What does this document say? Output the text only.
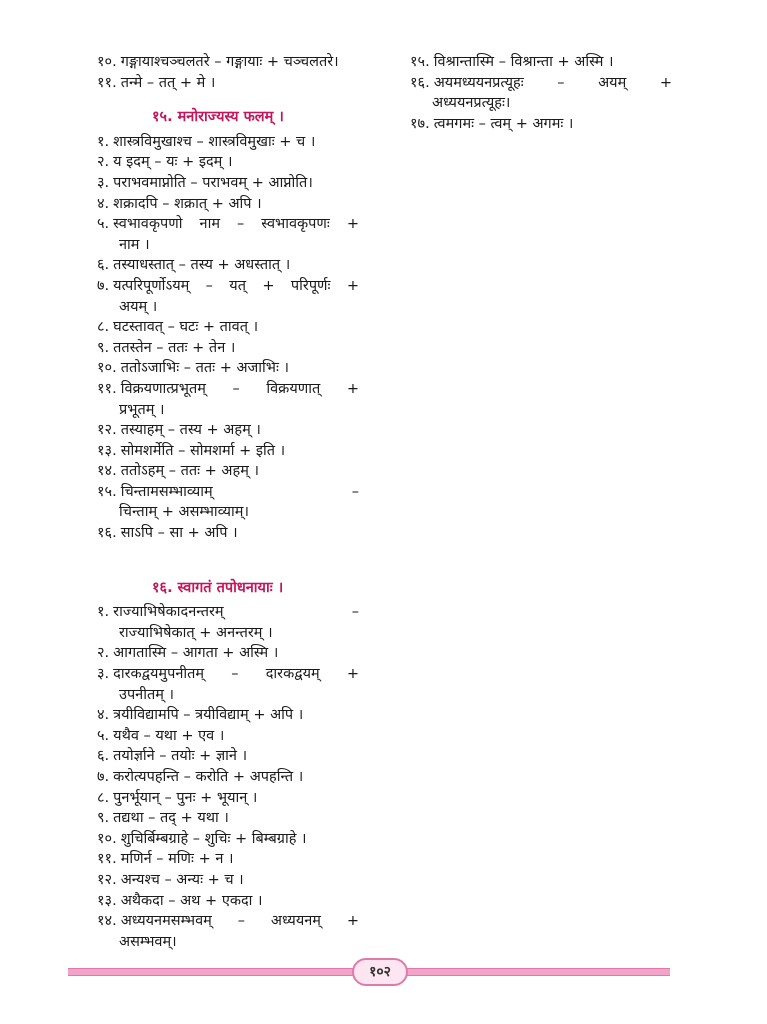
१०. गङ्गायाश्चञ्चलतरे – गङ्गायाः + चञ्चलतरे।
११. तन्मे – तत् + मे ।
१५. मनोराज्यस्य फलम् ।
१. शास्त्रविमुखाश्च – शास्त्रविमुखाः + च ।
२. य इदम् – यः + इदम् ।
३. पराभवमाप्नोति – पराभवम् + आप्नोति।
४. शक्रादपि – शक्रात् + अपि ।
५. स्वभावकृपणो नाम – स्वभावकृपणः +
नाम ।
६. तस्याधस्तात् – तस्य + अधस्तात् ।
७. यत्परिपूर्णोऽयम् – यत् + परिपूर्णः +
अयम् ।
८. घटस्तावत् – घटः + तावत् ।
९. ततस्तेन – ततः + तेन ।
१०. ततोऽजाभिः – ततः + अजाभिः ।
११. विक्रयणात्प्रभूतम् – विक्रयणात् +
प्रभूतम् ।
१२. तस्याहम् – तस्य + अहम् ।
१३. सोमशर्मेति – सोमशर्मा + इति ।
१४. ततोऽहम् – ततः + अहम् ।
१५. चिन्तामसम्भाव्याम् –
चिन्ताम् + असम्भाव्याम्।
१६. साऽपि – सा + अपि ।
१६. स्वागतं तपोधनायाः ।
१. राज्याभिषेकादनन्तरम् –
राज्याभिषेकात् + अनन्तरम् ।
२. आगतास्मि – आगता + अस्मि ।
३. दारकद्वयमुपनीतम् – दारकद्वयम् +
उपनीतम् ।
४. त्रयीविद्यामपि – त्रयीविद्याम् + अपि ।
५. यथैव – यथा + एव ।
६. तयोर्ज्ञाने – तयोः + ज्ञाने ।
७. करोत्यपहन्ति – करोति + अपहन्ति ।
८. पुनर्भूयान् – पुनः + भूयान् ।
९. तद्यथा – तद् + यथा ।
१०. शुचिर्बिम्बग्राहे – शुचिः + बिम्बग्राहे ।
११. मणिर्न – मणिः + न ।
१२. अन्यश्च – अन्यः + च ।
१३. अथैकदा – अथ + एकदा ।
१४. अध्ययनमसम्भवम् – अध्ययनम् +
असम्भवम्।
१५. विश्रान्तास्मि – विश्रान्ता + अस्मि ।
१६. अयमध्ययनप्रत्यूहः – अयम् +
अध्ययनप्रत्यूहः।
१७. त्वमगमः – त्वम् + अगमः ।
१०२
